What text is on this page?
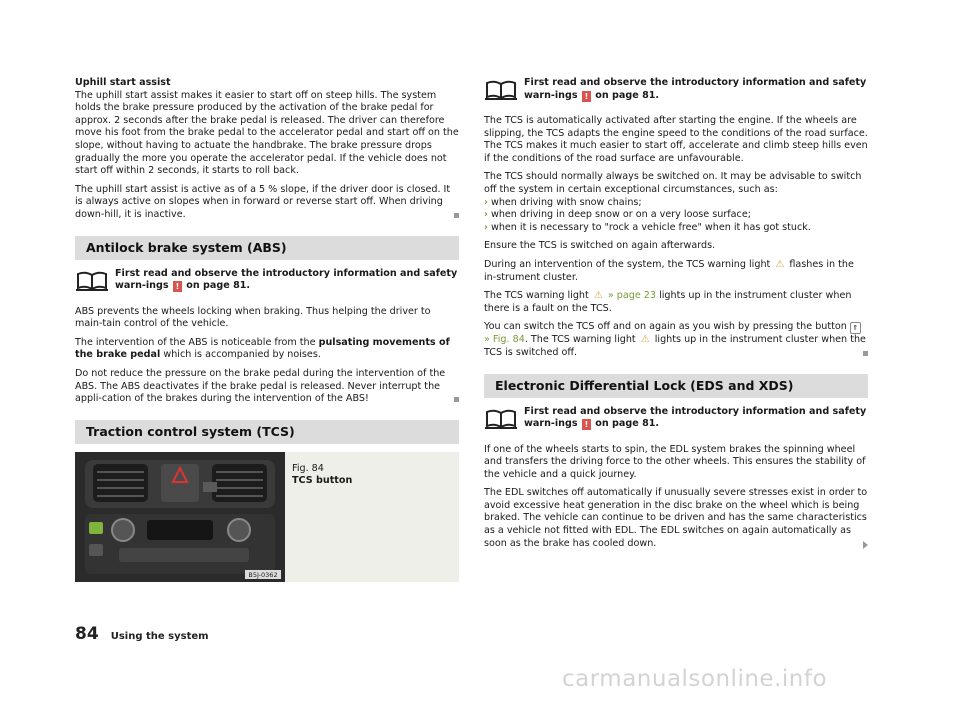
Uphill start assist

The uphill start assist makes it easier to start off on steep hills. The system holds the brake pressure produced by the activation of the brake pedal for approx. 2 seconds after the brake pedal is released. The driver can therefore move his foot from the brake pedal to the accelerator pedal and start off on the slope, without having to actuate the handbrake. The brake pressure drops gradually the more you operate the accelerator pedal. If the vehicle does not start off within 2 seconds, it starts to roll back.

The uphill start assist is active as of a 5 % slope, if the driver door is closed. It is always active on slopes when in forward or reverse start off. When driving down-hill, it is inactive.

Antilock brake system (ABS)
First read and observe the introductory information and safety warn-ings ! on page 81.

ABS prevents the wheels locking when braking. Thus helping the driver to main-tain control of the vehicle.

The intervention of the ABS is noticeable from the pulsating movements of the brake pedal which is accompanied by noises.

Do not reduce the pressure on the brake pedal during the intervention of the ABS. The ABS deactivates if the brake pedal is released. Never interrupt the appli-cation of the brakes during the intervention of the ABS!

Traction control system (TCS)
B5J-0362
Fig. 84
TCS button
First read and observe the introductory information and safety warn-ings ! on page 81.

The TCS is automatically activated after starting the engine. If the wheels are slipping, the TCS adapts the engine speed to the conditions of the road surface. The TCS makes it much easier to start off, accelerate and climb steep hills even if the conditions of the road surface are unfavourable.

The TCS should normally always be switched on. It may be advisable to switch off the system in certain exceptional circumstances, such as:

› when driving with snow chains;
› when driving in deep snow or on a very loose surface;
› when it is necessary to "rock a vehicle free" when it has got stuck.

Ensure the TCS is switched on again afterwards.

During an intervention of the system, the TCS warning light ⚠ flashes in the in-strument cluster.

The TCS warning light ⚠ » page 23 lights up in the instrument cluster when there is a fault on the TCS.

You can switch the TCS off and on again as you wish by pressing the button ⇑ » Fig. 84. The TCS warning light ⚠ lights up in the instrument cluster when the TCS is switched off.

Electronic Differential Lock (EDS and XDS)
First read and observe the introductory information and safety warn-ings ! on page 81.

If one of the wheels starts to spin, the EDL system brakes the spinning wheel and transfers the driving force to the other wheels. This ensures the stability of the vehicle and a quick journey.

The EDL switches off automatically if unusually severe stresses exist in order to avoid excessive heat generation in the disc brake on the wheel which is being braked. The vehicle can continue to be driven and has the same characteristics as a vehicle not fitted with EDL. The EDL switches on again automatically as soon as the brake has cooled down.

84 Using the system
carmanualsonline.info
